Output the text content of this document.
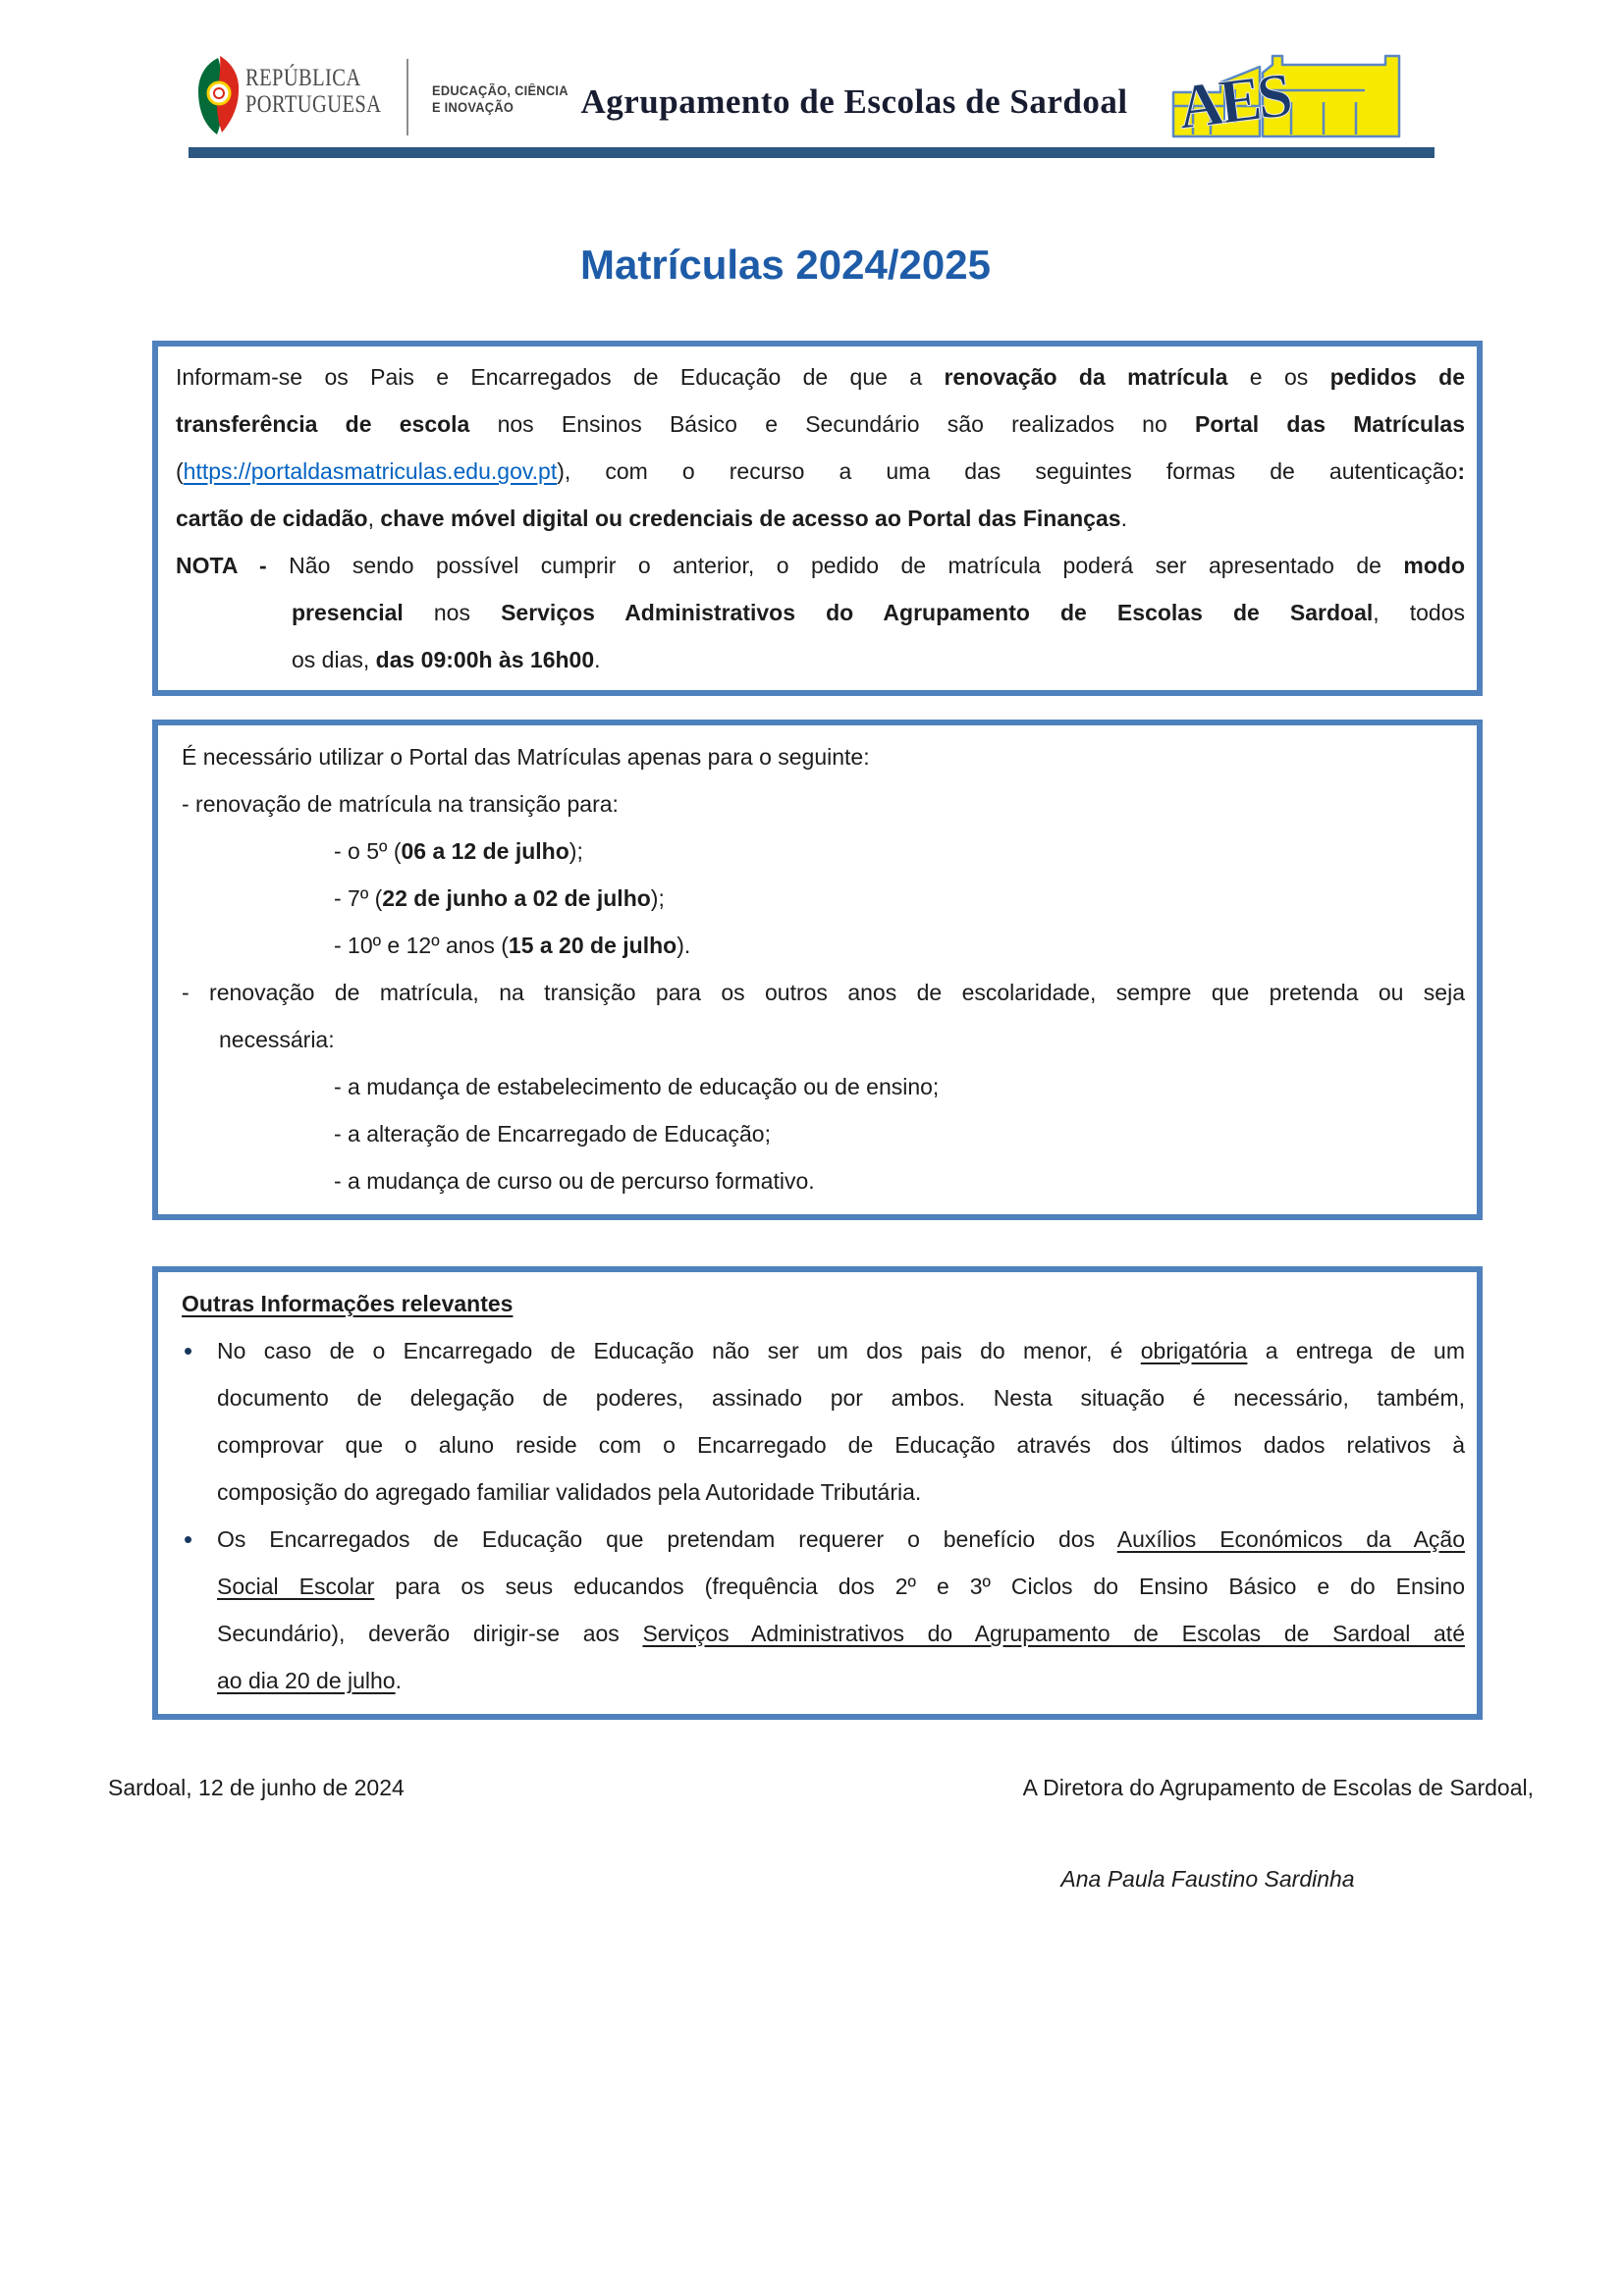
REPÚBLICA
PORTUGUESA
EDUCAÇÃO, CIÊNCIA
E INOVAÇÃO	Agrupamento de Escolas de Sardoal AES
Matrículas 2024/2025
Informam-se os Pais e Encarregados de Educação de que a renovação da matrícula e os pedidos de
transferência de escola nos Ensinos Básico e Secundário são realizados no Portal das Matrículas
(https://portaldasmatriculas.edu.gov.pt), com o recurso a uma das seguintes formas de autenticação:
cartão de cidadão, chave móvel digital ou credenciais de acesso ao Portal das Finanças.
NOTA - Não sendo possível cumprir o anterior, o pedido de matrícula poderá ser apresentado de modo
presencial nos Serviços Administrativos do Agrupamento de Escolas de Sardoal, todos
os dias, das 09:00h às 16h00.
É necessário utilizar o Portal das Matrículas apenas para o seguinte:
- renovação de matrícula na transição para:
- o 5º (06 a 12 de julho);
- 7º (22 de junho a 02 de julho);
- 10º e 12º anos (15 a 20 de julho).
- renovação de matrícula, na transição para os outros anos de escolaridade, sempre que pretenda ou seja
necessária:
- a mudança de estabelecimento de educação ou de ensino;
- a alteração de Encarregado de Educação;
- a mudança de curso ou de percurso formativo.
Outras Informações relevantes
• No caso de o Encarregado de Educação não ser um dos pais do menor, é obrigatória a entrega de um
documento de delegação de poderes, assinado por ambos. Nesta situação é necessário, também,
comprovar que o aluno reside com o Encarregado de Educação através dos últimos dados relativos à
composição do agregado familiar validados pela Autoridade Tributária.
• Os Encarregados de Educação que pretendam requerer o benefício dos Auxílios Económicos da Ação
Social Escolar para os seus educandos (frequência dos 2º e 3º Ciclos do Ensino Básico e do Ensino
Secundário), deverão dirigir-se aos Serviços Administrativos do Agrupamento de Escolas de Sardoal até
ao dia 20 de julho.
Sardoal, 12 de junho de 2024	A Diretora do Agrupamento de Escolas de Sardoal,
Ana Paula Faustino Sardinha
